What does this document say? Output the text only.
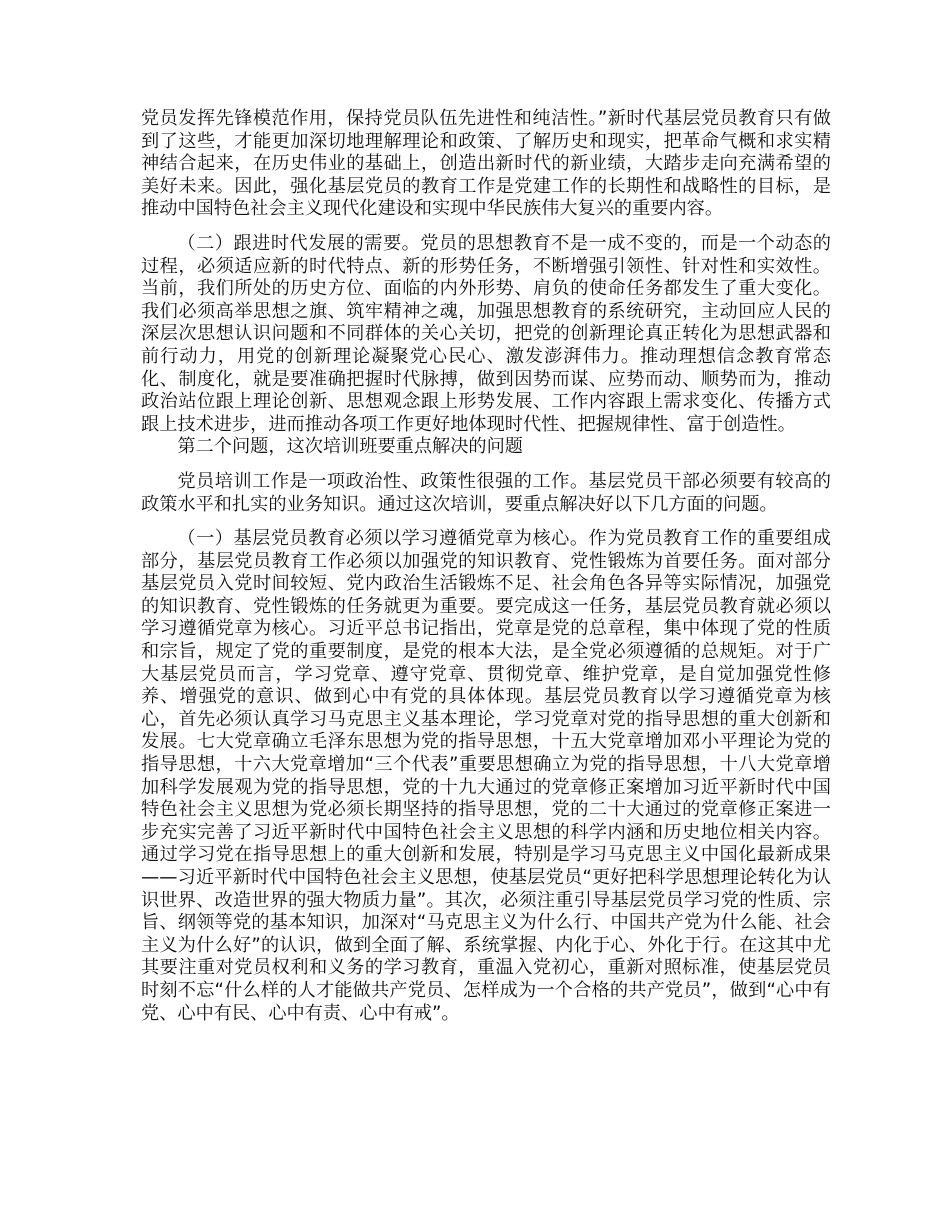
党员发挥先锋模范作用，保持党员队伍先进性和纯洁性。”新时代基层党员教育只有做到了这些，才能更加深切地理解理论和政策、了解历史和现实，把革命气概和求实精神结合起来，在历史伟业的基础上，创造出新时代的新业绩，大踏步走向充满希望的美好未来。因此，强化基层党员的教育工作是党建工作的长期性和战略性的目标，是推动中国特色社会主义现代化建设和实现中华民族伟大复兴的重要内容。

（二）跟进时代发展的需要。党员的思想教育不是一成不变的，而是一个动态的过程，必须适应新的时代特点、新的形势任务，不断增强引领性、针对性和实效性。当前，我们所处的历史方位、面临的内外形势、肩负的使命任务都发生了重大变化。我们必须高举思想之旗、筑牢精神之魂，加强思想教育的系统研究，主动回应人民的深层次思想认识问题和不同群体的关心关切，把党的创新理论真正转化为思想武器和前行动力，用党的创新理论凝聚党心民心、激发澎湃伟力。推动理想信念教育常态化、制度化，就是要准确把握时代脉搏，做到因势而谋、应势而动、顺势而为，推动政治站位跟上理论创新、思想观念跟上形势发展、工作内容跟上需求变化、传播方式跟上技术进步，进而推动各项工作更好地体现时代性、把握规律性、富于创造性。

第二个问题，这次培训班要重点解决的问题

党员培训工作是一项政治性、政策性很强的工作。基层党员干部必须要有较高的政策水平和扎实的业务知识。通过这次培训，要重点解决好以下几方面的问题。

（一）基层党员教育必须以学习遵循党章为核心。作为党员教育工作的重要组成部分，基层党员教育工作必须以加强党的知识教育、党性锻炼为首要任务。面对部分基层党员入党时间较短、党内政治生活锻炼不足、社会角色各异等实际情况，加强党的知识教育、党性锻炼的任务就更为重要。要完成这一任务，基层党员教育就必须以学习遵循党章为核心。习近平总书记指出，党章是党的总章程，集中体现了党的性质和宗旨，规定了党的重要制度，是党的根本大法，是全党必须遵循的总规矩。对于广大基层党员而言，学习党章、遵守党章、贯彻党章、维护党章，是自觉加强党性修养、增强党的意识、做到心中有党的具体体现。基层党员教育以学习遵循党章为核心，首先必须认真学习马克思主义基本理论，学习党章对党的指导思想的重大创新和发展。七大党章确立毛泽东思想为党的指导思想，十五大党章增加邓小平理论为党的指导思想，十六大党章增加“三个代表”重要思想确立为党的指导思想，十八大党章增加科学发展观为党的指导思想，党的十九大通过的党章修正案增加习近平新时代中国特色社会主义思想为党必须长期坚持的指导思想，党的二十大通过的党章修正案进一步充实完善了习近平新时代中国特色社会主义思想的科学内涵和历史地位相关内容。通过学习党在指导思想上的重大创新和发展，特别是学习马克思主义中国化最新成果——习近平新时代中国特色社会主义思想，使基层党员“更好把科学思想理论转化为认识世界、改造世界的强大物质力量”。其次，必须注重引导基层党员学习党的性质、宗旨、纲领等党的基本知识，加深对“马克思主义为什么行、中国共产党为什么能、社会主义为什么好”的认识，做到全面了解、系统掌握、内化于心、外化于行。在这其中尤其要注重对党员权利和义务的学习教育，重温入党初心，重新对照标准，使基层党员时刻不忘“什么样的人才能做共产党员、怎样成为一个合格的共产党员”，做到“心中有党、心中有民、心中有责、心中有戒”。
